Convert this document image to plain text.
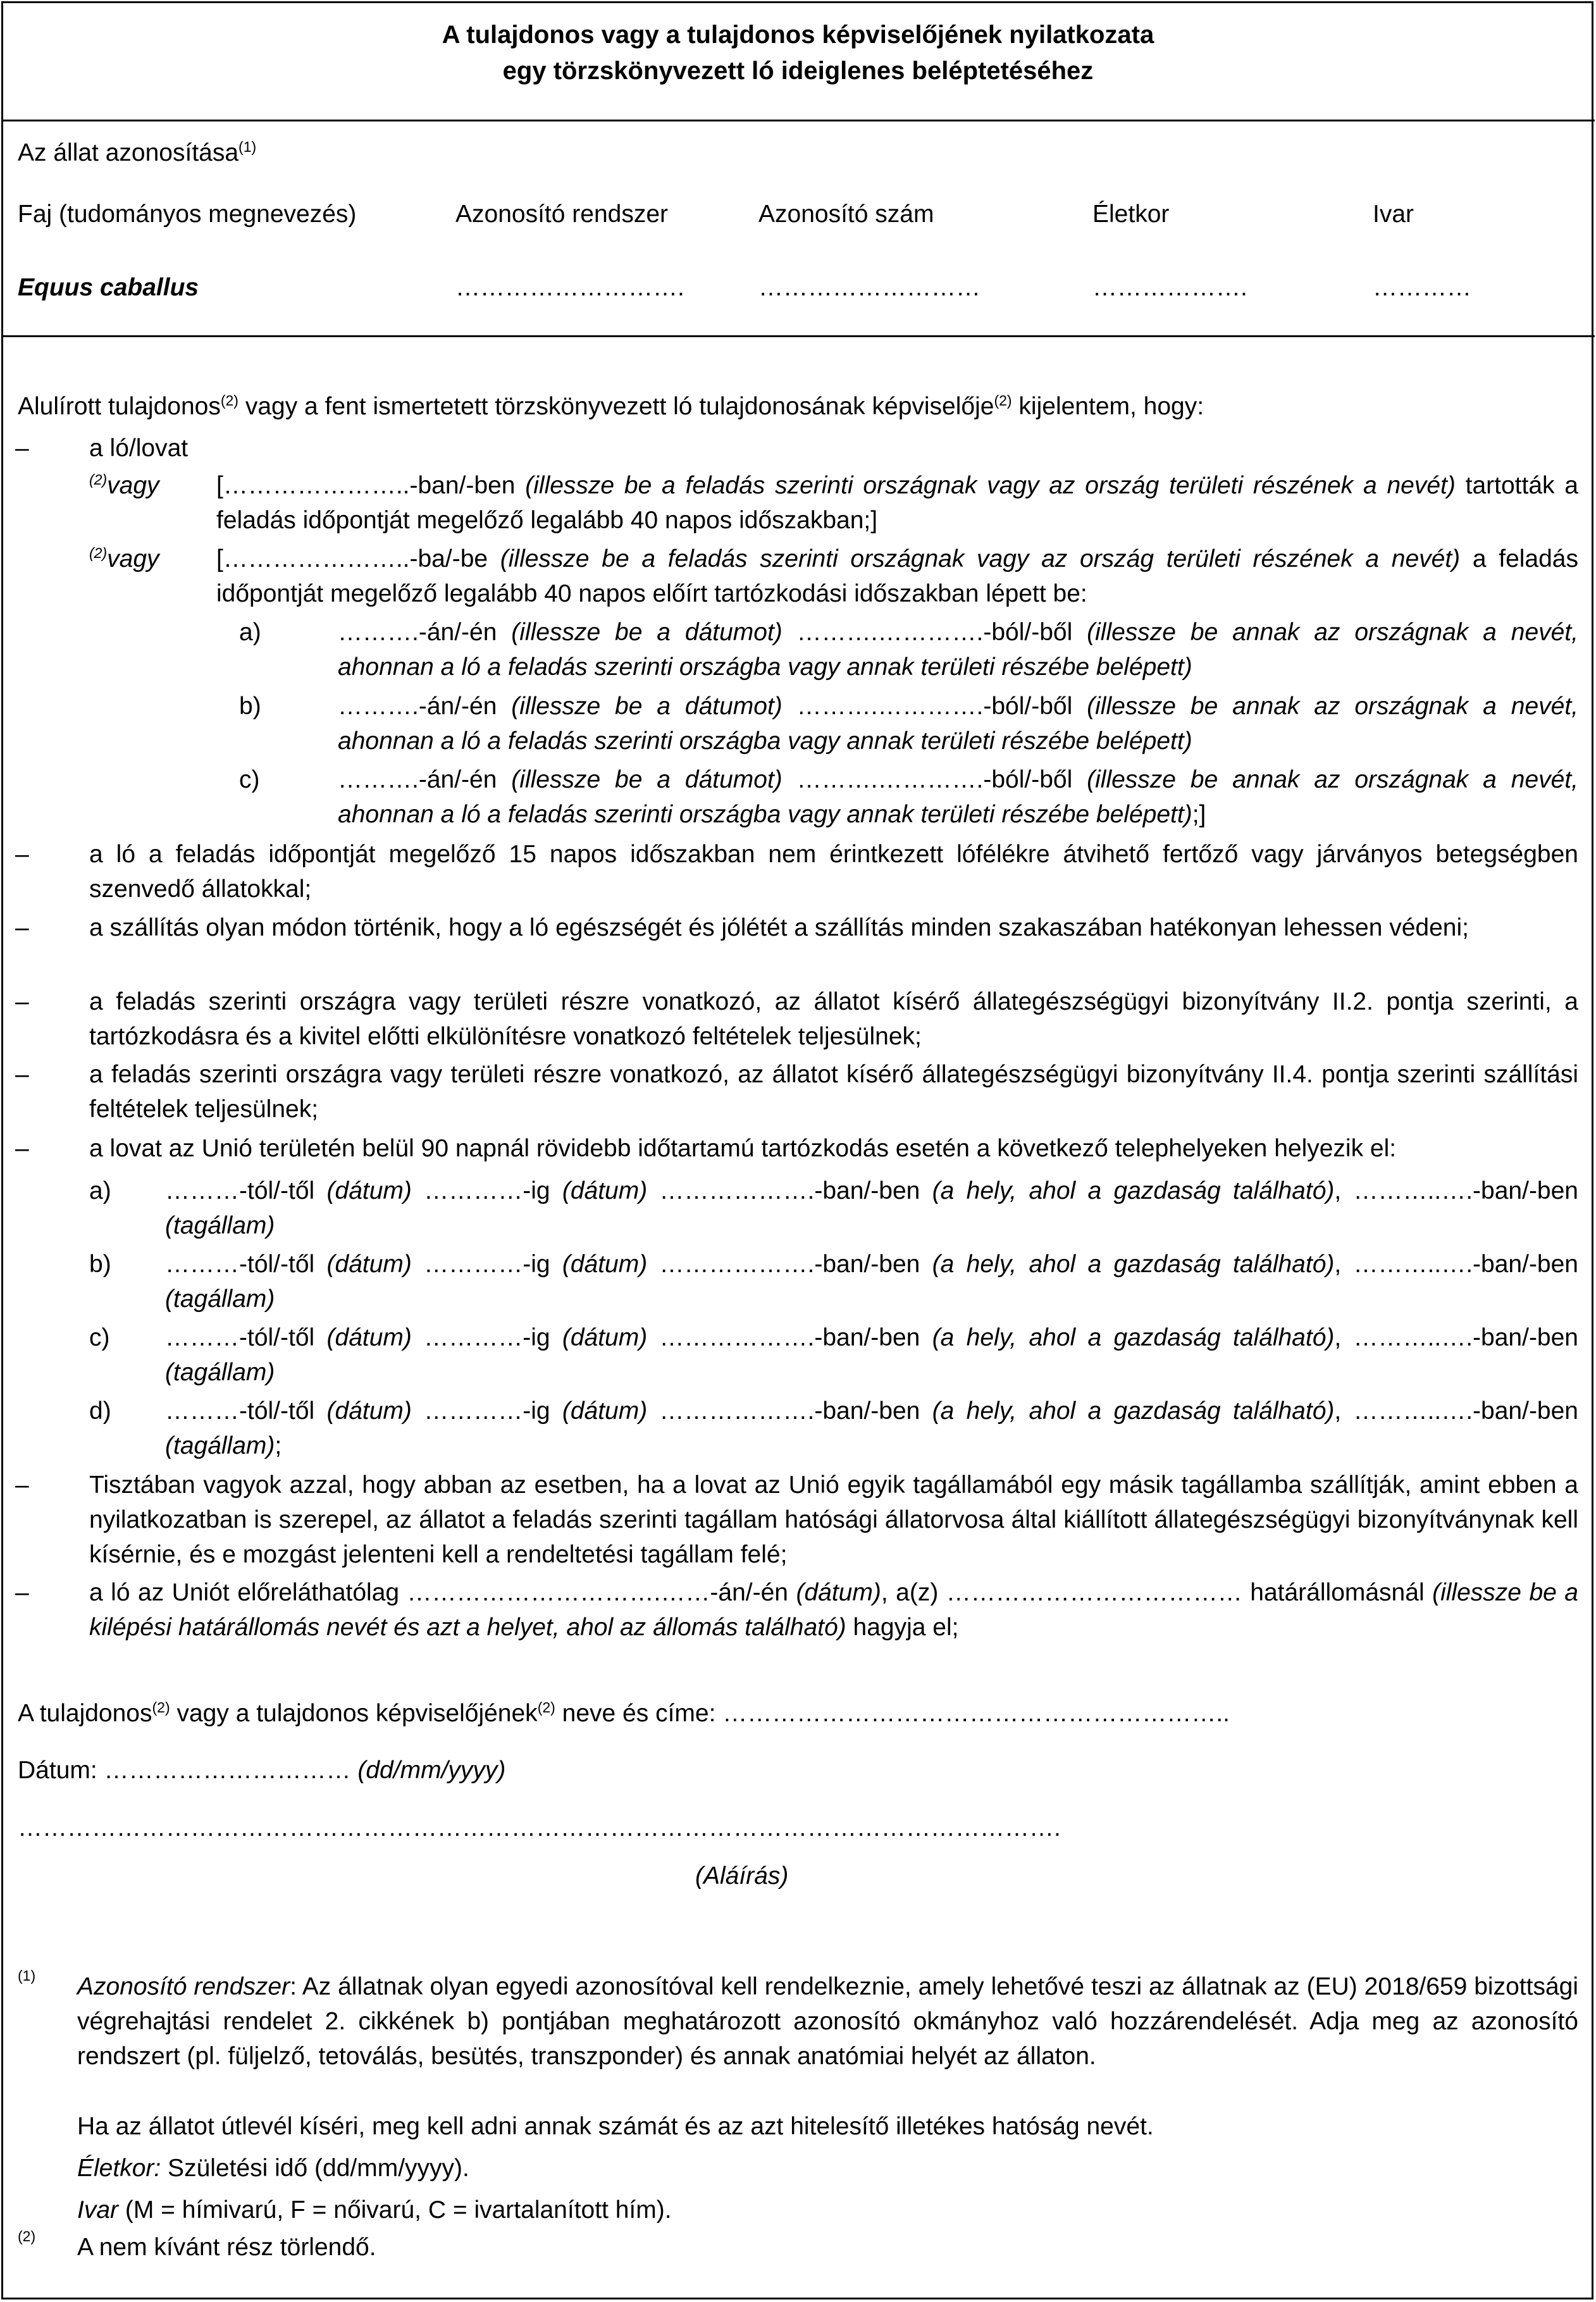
A tulajdonos vagy a tulajdonos képviselőjének nyilatkozata
egy törzskönyvezett ló ideiglenes beléptetéséhez
Az állat azonosítása$^{(1)}$
Faj (tudományos megnevezés)	Azonosító rendszer	Azonosító szám	Életkor	Ivar
Equus caballus	……………………….	………………………	……………….	…………
Alulírott tulajdonos$^{(2)}$ vagy a fent ismertetett törzskönyvezett ló tulajdonosának képviselője$^{(2)}$ kijelentem, hogy:
– a ló/lovat
$^{(2)}$vagy […………………..-ban/-ben (illessze be a feladás szerinti országnak vagy az ország területi részének a nevét) tartották a feladás időpontját megelőző legalább 40 napos időszakban;]
$^{(2)}$vagy […………………..-ba/-be (illessze be a feladás szerinti országnak vagy az ország területi részének a nevét) a feladás időpontját megelőző legalább 40 napos előírt tartózkodási időszakban lépett be:
a)	……….-án/-én (illessze be a dátumot) ……….………….-ból/-ből (illessze be annak az országnak a nevét, ahonnan a ló a feladás szerinti országba vagy annak területi részébe belépett)
b)	……….-án/-én (illessze be a dátumot) ……….………….-ból/-ből (illessze be annak az országnak a nevét, ahonnan a ló a feladás szerinti országba vagy annak területi részébe belépett)
c)	……….-án/-én (illessze be a dátumot) ……….………….-ból/-ből (illessze be annak az országnak a nevét, ahonnan a ló a feladás szerinti országba vagy annak területi részébe belépett);]
– a ló a feladás időpontját megelőző 15 napos időszakban nem érintkezett lófélékre átvihető fertőző vagy járványos betegségben szenvedő állatokkal;
– a szállítás olyan módon történik, hogy a ló egészségét és jólétét a szállítás minden szakaszában hatékonyan lehessen védeni;
– a feladás szerinti országra vagy területi részre vonatkozó, az állatot kísérő állategészségügyi bizonyítvány II.2. pontja szerinti, a tartózkodásra és a kivitel előtti elkülönítésre vonatkozó feltételek teljesülnek;
– a feladás szerinti országra vagy területi részre vonatkozó, az állatot kísérő állategészségügyi bizonyítvány II.4. pontja szerinti szállítási feltételek teljesülnek;
– a lovat az Unió területén belül 90 napnál rövidebb időtartamú tartózkodás esetén a következő telephelyeken helyezik el:
a) ………-tól/-től (dátum) …………-ig (dátum) ……………….-ban/-ben (a hely, ahol a gazdaság található), ………..….-ban/-ben (tagállam)
b) ………-tól/-től (dátum) …………-ig (dátum) ……………….-ban/-ben (a hely, ahol a gazdaság található), ………..….-ban/-ben (tagállam)
c) ………-tól/-től (dátum) …………-ig (dátum) ……………….-ban/-ben (a hely, ahol a gazdaság található), ………..….-ban/-ben (tagállam)
d) ………-tól/-től (dátum) …………-ig (dátum) ……………….-ban/-ben (a hely, ahol a gazdaság található), ………..….-ban/-ben (tagállam);
– Tisztában vagyok azzal, hogy abban az esetben, ha a lovat az Unió egyik tagállamából egy másik tagállamba szállítják, amint ebben a nyilatkozatban is szerepel, az állatot a feladás szerinti tagállam hatósági állatorvosa által kiállított állategészségügyi bizonyítványnak kell kísérnie, és e mozgást jelenteni kell a rendeltetési tagállam felé;
– a ló az Uniót előreláthatólag ………………………….……-án/-én (dátum), a(z) ……………………………… határállomásnál (illessze be a kilépési határállomás nevét és azt a helyet, ahol az állomás található) hagyja el;
A tulajdonos$^{(2)}$ vagy a tulajdonos képviselőjének$^{(2)}$ neve és címe: ……………………………………………………..
Dátum: ………………………… (dd/mm/yyyy)
……………………………………………………………………………………………………………….
(Aláírás)
(1) Azonosító rendszer: Az állatnak olyan egyedi azonosítóval kell rendelkeznie, amely lehetővé teszi az állatnak az (EU) 2018/659 bizottsági végrehajtási rendelet 2. cikkének b) pontjában meghatározott azonosító okmányhoz való hozzárendelését. Adja meg az azonosító rendszert (pl. füljelző, tetoválás, besütés, transzponder) és annak anatómiai helyét az állaton.
Ha az állatot útlevél kíséri, meg kell adni annak számát és az azt hitelesítő illetékes hatóság nevét.
Életkor: Születési idő (dd/mm/yyyy).
Ivar (M = hímivarú, F = nőivarú, C = ivartalanított hím).
(2) A nem kívánt rész törlendő.
